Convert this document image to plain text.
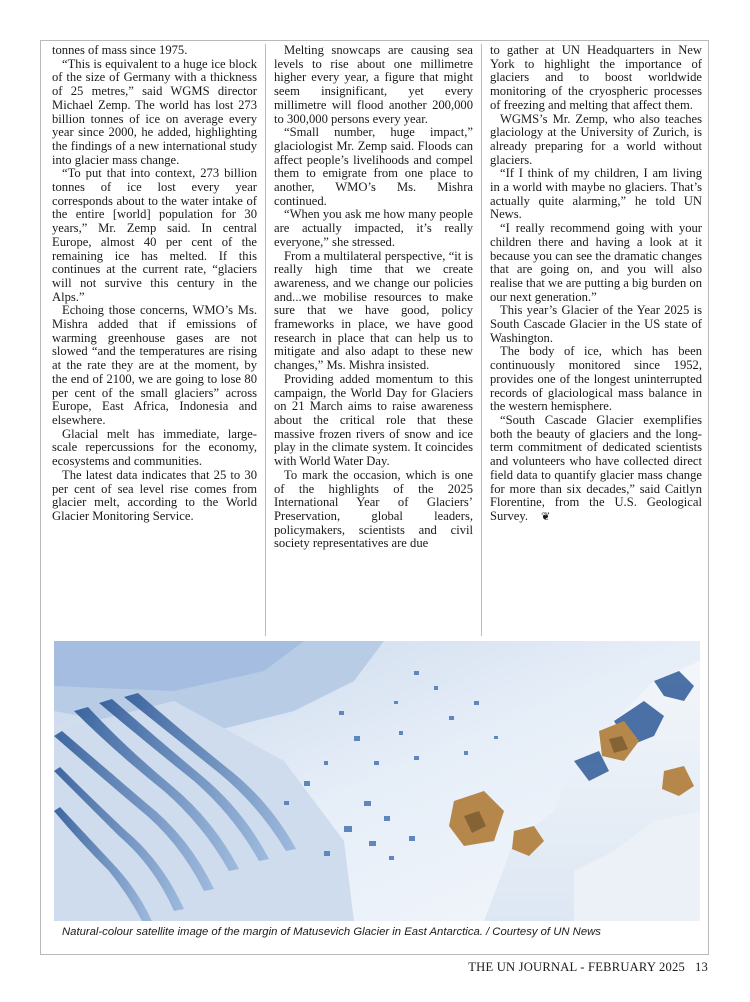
tonnes of mass since 1975.

“This is equivalent to a huge ice block of the size of Germany with a thickness of 25 metres,” said WGMS director Michael Zemp. The world has lost 273 billion tonnes of ice on average every year since 2000, he added, highlighting the findings of a new international study into glacier mass change.

“To put that into context, 273 billion tonnes of ice lost every year corresponds about to the water intake of the entire [world] population for 30 years,” Mr. Zemp said. In central Europe, almost 40 per cent of the remaining ice has melted. If this continues at the current rate, “glaciers will not survive this century in the Alps.”

Echoing those concerns, WMO’s Ms. Mishra added that if emissions of warming greenhouse gases are not slowed “and the temperatures are rising at the rate they are at the moment, by the end of 2100, we are going to lose 80 per cent of the small glaciers” across Europe, East Africa, Indonesia and elsewhere.

Glacial melt has immediate, large-scale repercussions for the economy, ecosystems and communities.

The latest data indicates that 25 to 30 per cent of sea level rise comes from glacier melt, according to the World Glacier Monitoring Service.

Melting snowcaps are causing sea levels to rise about one millimetre higher every year, a figure that might seem insignificant, yet every millimetre will flood another 200,000 to 300,000 persons every year.

“Small number, huge impact,” glaciologist Mr. Zemp said. Floods can affect people’s livelihoods and compel them to emigrate from one place to another, WMO’s Ms. Mishra continued.

“When you ask me how many people are actually impacted, it’s really everyone,” she stressed.

From a multilateral perspective, “it is really high time that we create awareness, and we change our policies and...we mobilise resources to make sure that we have good, policy frameworks in place, we have good research in place that can help us to mitigate and also adapt to these new changes,” Ms. Mishra insisted.

Providing added momentum to this campaign, the World Day for Glaciers on 21 March aims to raise awareness about the critical role that these massive frozen rivers of snow and ice play in the climate system. It coincides with World Water Day.

To mark the occasion, which is one of the highlights of the 2025 International Year of Glaciers’ Preservation, global leaders, policymakers, scientists and civil society representatives are due

to gather at UN Headquarters in New York to highlight the importance of glaciers and to boost worldwide monitoring of the cryospheric processes of freezing and melting that affect them.

WGMS’s Mr. Zemp, who also teaches glaciology at the University of Zurich, is already preparing for a world without glaciers.

“If I think of my children, I am living in a world with maybe no glaciers. That’s actually quite alarming,” he told UN News.

“I really recommend going with your children there and having a look at it because you can see the dramatic changes that are going on, and you will also realise that we are putting a big burden on our next generation.”

This year’s Glacier of the Year 2025 is South Cascade Glacier in the US state of Washington.

The body of ice, which has been continuously monitored since 1952, provides one of the longest uninterrupted records of glaciological mass balance in the western hemisphere.

“South Cascade Glacier exemplifies both the beauty of glaciers and the long-term commitment of dedicated scientists and volunteers who have collected direct field data to quantify glacier mass change for more than six decades,” said Caitlyn Florentine, from the U.S. Geological Survey. ❦

Natural-colour satellite image of the margin of Matusevich Glacier in East Antarctica. / Courtesy of UN News
THE UN JOURNAL - FEBRUARY 2025 13
